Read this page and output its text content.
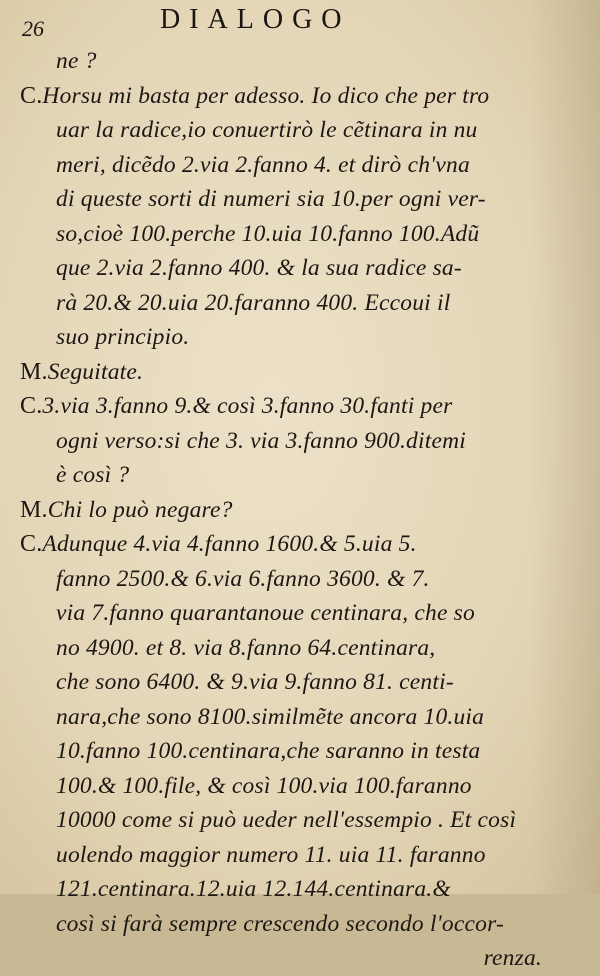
26	DIALOGO
ne ?
C.Horsu mi basta per adesso. Io dico che per tro
uar la radice,io conuertirò le cẽtinara in nu
meri, dicẽdo 2.via 2.fanno 4. et dirò ch'vna
di queste sorti di numeri sia 10.per ogni ver-
so,cioè 100.perche 10.uia 10.fanno 100.Adũ
que 2.via 2.fanno 400. & la sua radice sa-
rà 20.& 20.uia 20.faranno 400. Eccoui il
suo principio.
M.Seguitate.
C.3.via 3.fanno 9.& così 3.fanno 30.fanti per
ogni verso:si che 3. via 3.fanno 900.ditemi
è così ?
M.Chi lo può negare?
C.Adunque 4.via 4.fanno 1600.& 5.uia 5.
fanno 2500.& 6.via 6.fanno 3600. & 7.
via 7.fanno quarantanoue centinara, che so
no 4900. et 8. via 8.fanno 64.centinara,
che sono 6400. & 9.via 9.fanno 81. centi-
nara,che sono 8100.similmẽte ancora 10.uia
10.fanno 100.centinara,che saranno in testa
100.& 100.file, & così 100.via 100.faranno
10000 come si può ueder nell'essempio . Et così
uolendo maggior numero 11. uia 11. faranno
121.centinara.12.uia 12.144.centinara.&
così si farà sempre crescendo secondo l'occor-
renza.
